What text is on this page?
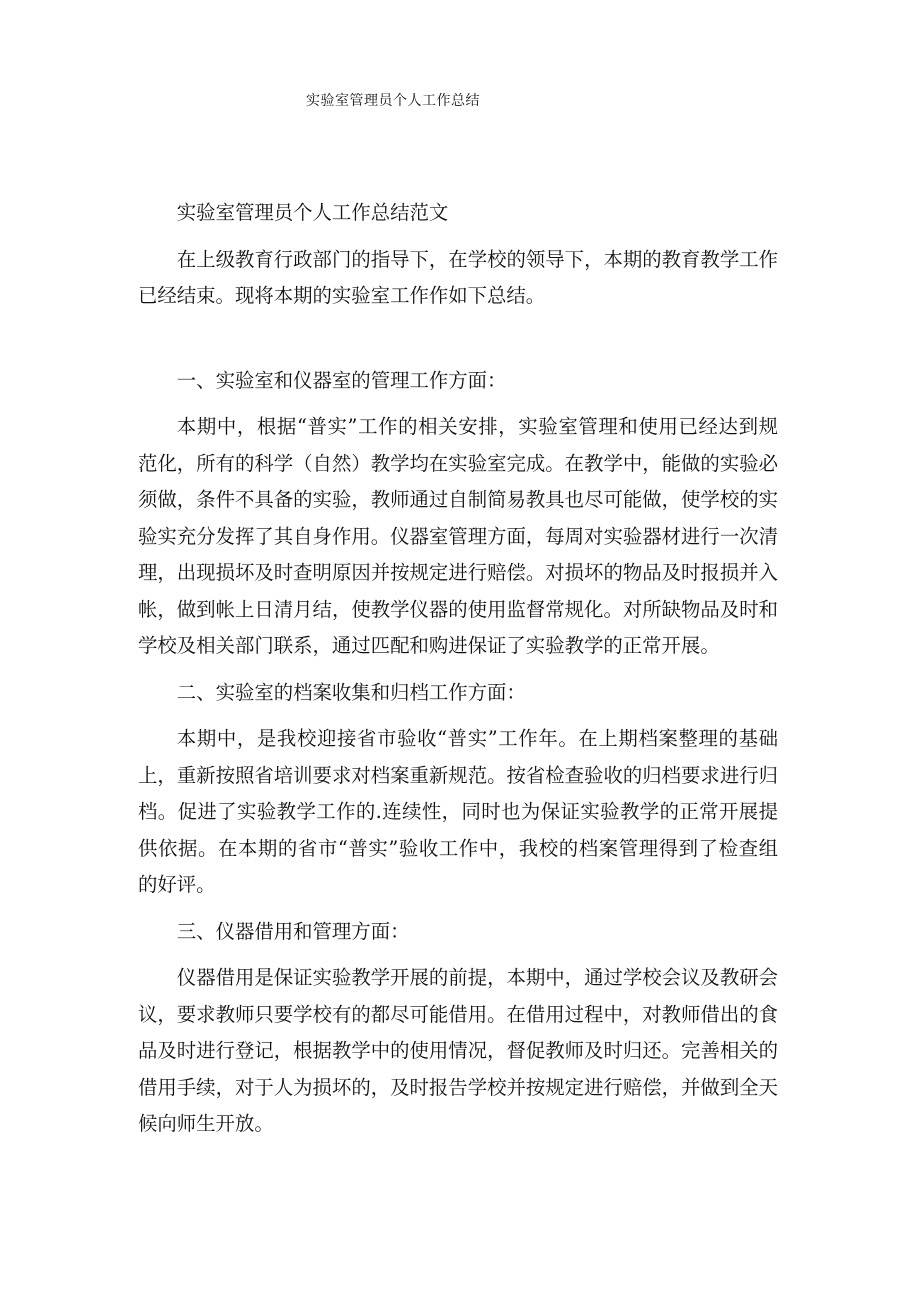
实验室管理员个人工作总结

实验室管理员个人工作总结范文

在上级教育行政部门的指导下，在学校的领导下，本期的教育教学工作已经结束。现将本期的实验室工作作如下总结。

一、实验室和仪器室的管理工作方面：

本期中，根据“普实”工作的相关安排，实验室管理和使用已经达到规范化，所有的科学（自然）教学均在实验室完成。在教学中，能做的实验必须做，条件不具备的实验，教师通过自制简易教具也尽可能做，使学校的实验实充分发挥了其自身作用。仪器室管理方面，每周对实验器材进行一次清理，出现损坏及时查明原因并按规定进行赔偿。对损坏的物品及时报损并入帐，做到帐上日清月结，使教学仪器的使用监督常规化。对所缺物品及时和学校及相关部门联系，通过匹配和购进保证了实验教学的正常开展。

二、实验室的档案收集和归档工作方面：

本期中，是我校迎接省市验收“普实”工作年。在上期档案整理的基础上，重新按照省培训要求对档案重新规范。按省检查验收的归档要求进行归档。促进了实验教学工作的.连续性，同时也为保证实验教学的正常开展提供依据。在本期的省市“普实”验收工作中，我校的档案管理得到了检查组的好评。

三、仪器借用和管理方面：

仪器借用是保证实验教学开展的前提，本期中，通过学校会议及教研会议，要求教师只要学校有的都尽可能借用。在借用过程中，对教师借出的食品及时进行登记，根据教学中的使用情况，督促教师及时归还。完善相关的借用手续，对于人为损坏的，及时报告学校并按规定进行赔偿，并做到全天候向师生开放。
